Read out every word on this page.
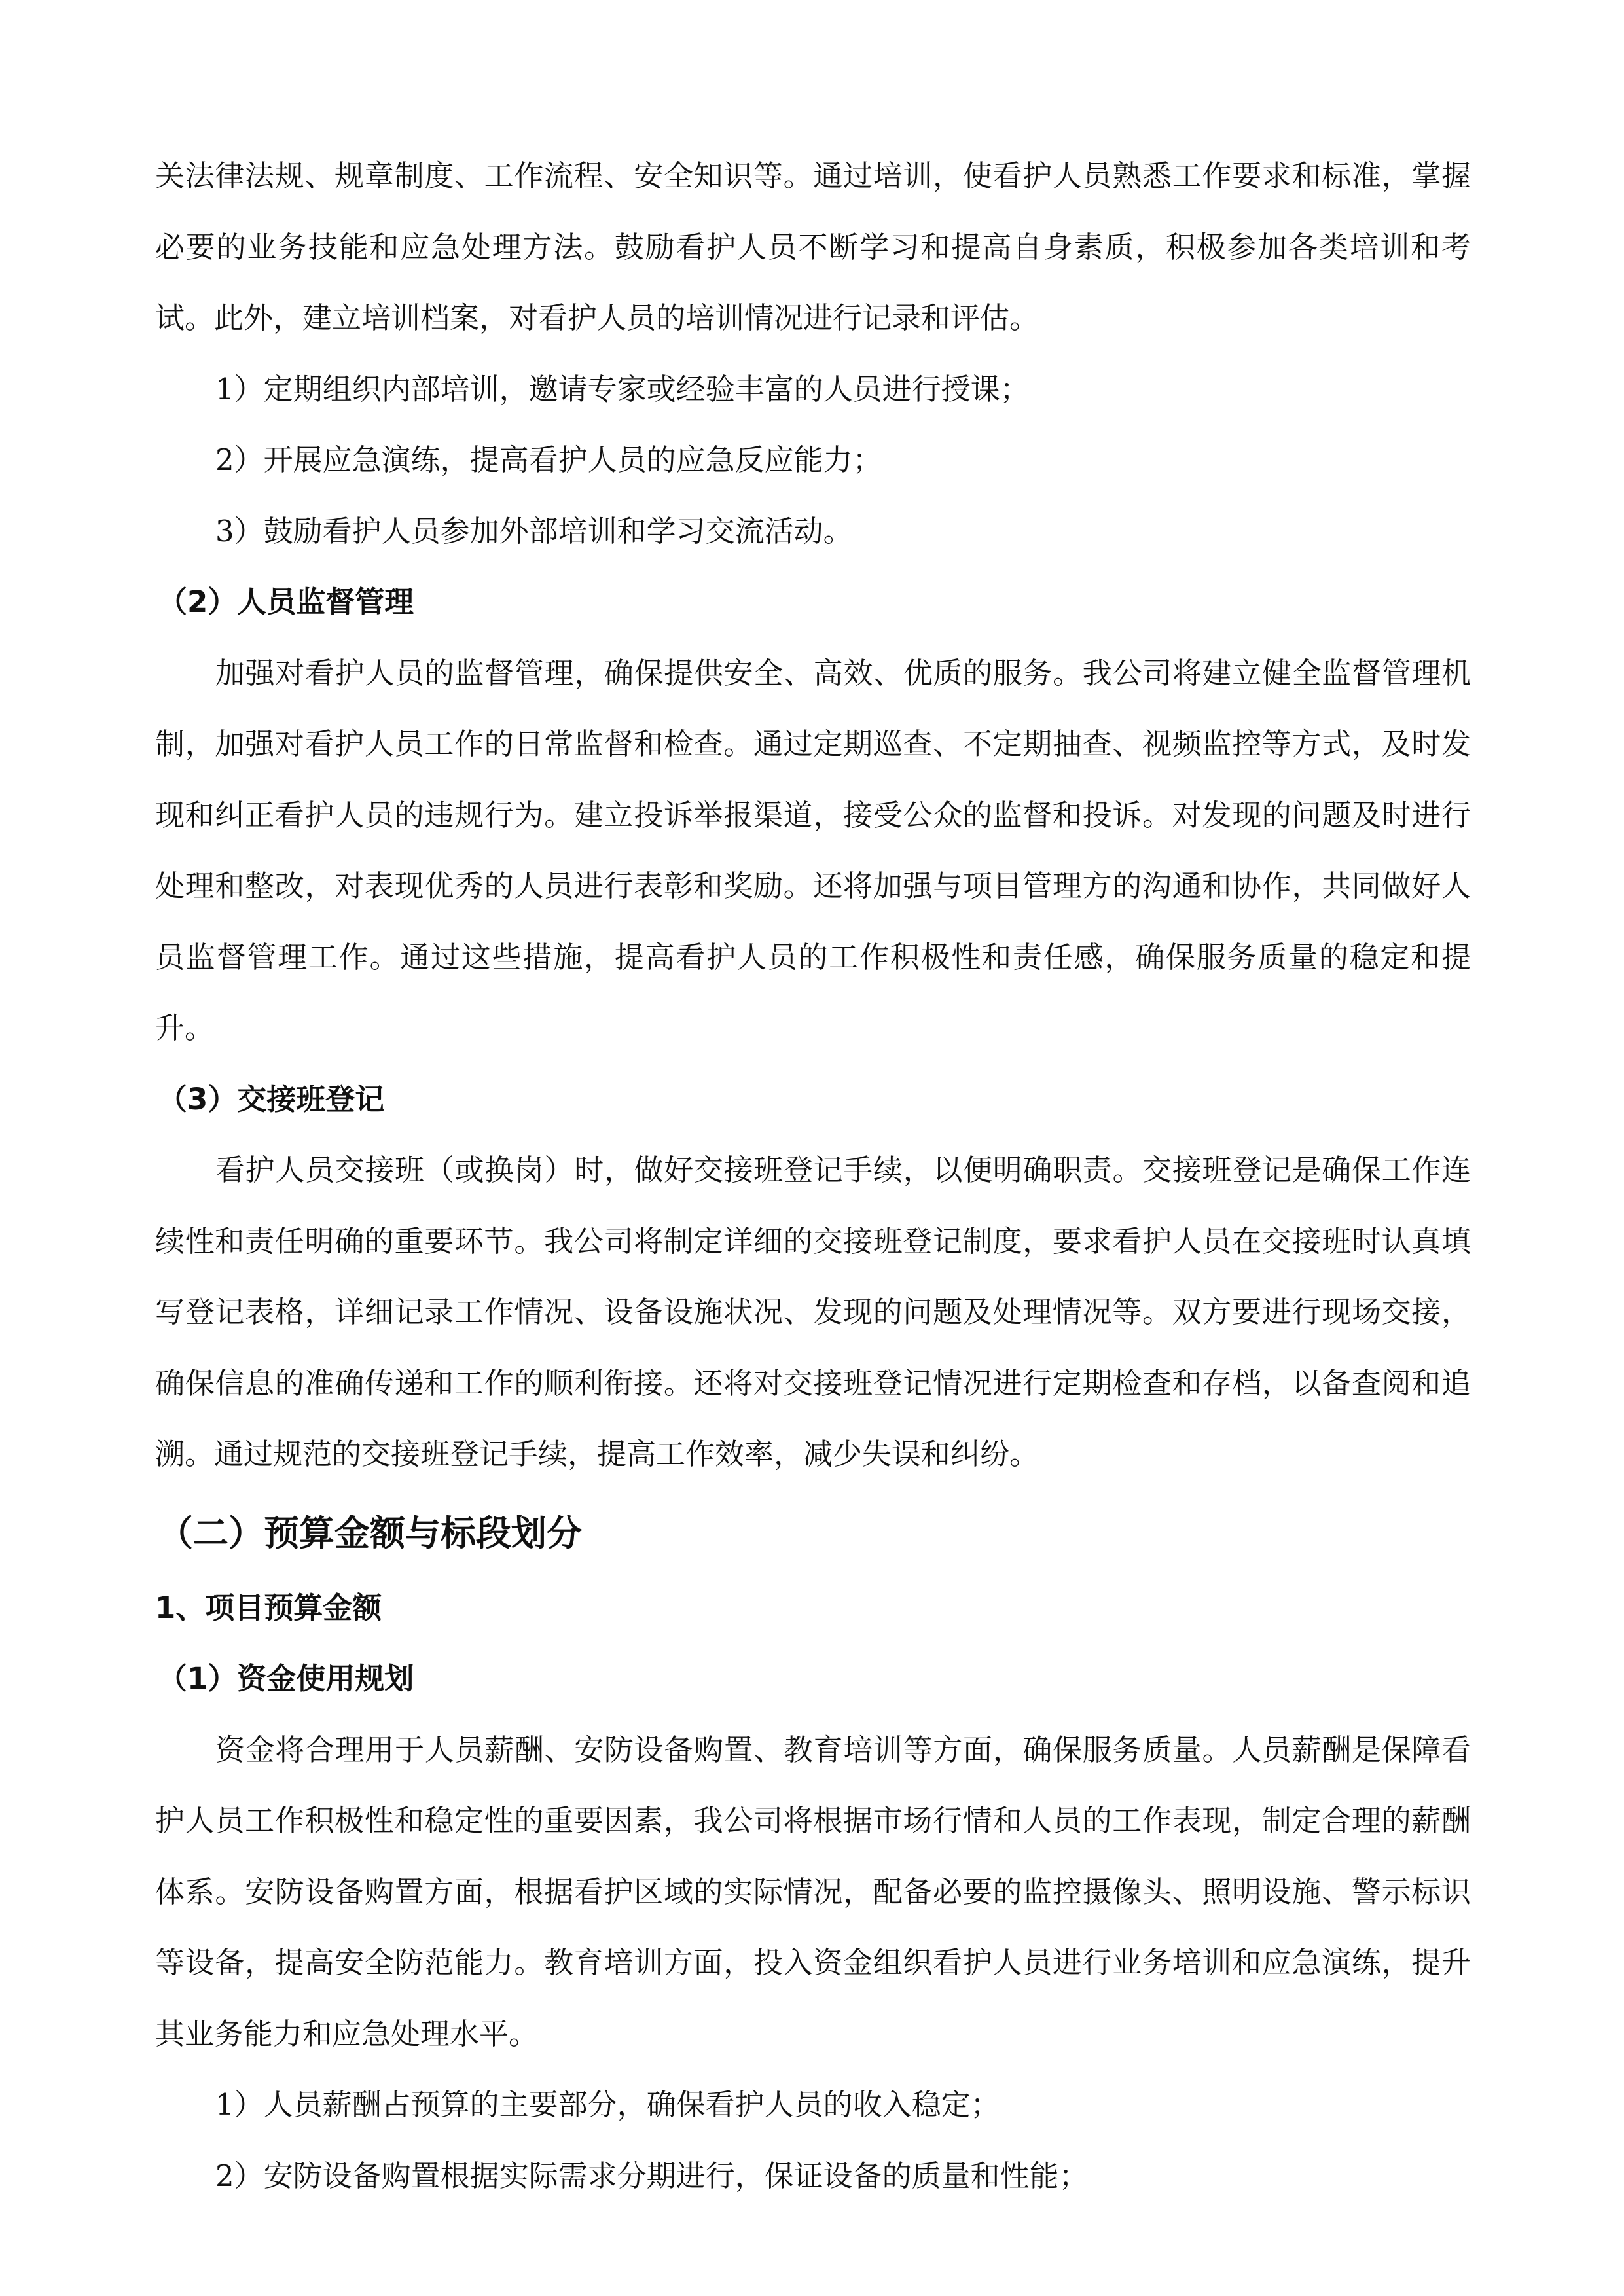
关法律法规、规章制度、工作流程、安全知识等。通过培训，使看护人员熟悉工作要求和标准，掌握必要的业务技能和应急处理方法。鼓励看护人员不断学习和提高自身素质，积极参加各类培训和考试。此外，建立培训档案，对看护人员的培训情况进行记录和评估。

1）定期组织内部培训，邀请专家或经验丰富的人员进行授课；

2）开展应急演练，提高看护人员的应急反应能力；

3）鼓励看护人员参加外部培训和学习交流活动。

（2）人员监督管理

加强对看护人员的监督管理，确保提供安全、高效、优质的服务。我公司将建立健全监督管理机制，加强对看护人员工作的日常监督和检查。通过定期巡查、不定期抽查、视频监控等方式，及时发现和纠正看护人员的违规行为。建立投诉举报渠道，接受公众的监督和投诉。对发现的问题及时进行处理和整改，对表现优秀的人员进行表彰和奖励。还将加强与项目管理方的沟通和协作，共同做好人员监督管理工作。通过这些措施，提高看护人员的工作积极性和责任感，确保服务质量的稳定和提升。

（3）交接班登记

看护人员交接班（或换岗）时，做好交接班登记手续，以便明确职责。交接班登记是确保工作连续性和责任明确的重要环节。我公司将制定详细的交接班登记制度，要求看护人员在交接班时认真填写登记表格，详细记录工作情况、设备设施状况、发现的问题及处理情况等。双方要进行现场交接，确保信息的准确传递和工作的顺利衔接。还将对交接班登记情况进行定期检查和存档，以备查阅和追溯。通过规范的交接班登记手续，提高工作效率，减少失误和纠纷。

（二）预算金额与标段划分
1、项目预算金额
（1）资金使用规划

资金将合理用于人员薪酬、安防设备购置、教育培训等方面，确保服务质量。人员薪酬是保障看护人员工作积极性和稳定性的重要因素，我公司将根据市场行情和人员的工作表现，制定合理的薪酬体系。安防设备购置方面，根据看护区域的实际情况，配备必要的监控摄像头、照明设施、警示标识等设备，提高安全防范能力。教育培训方面，投入资金组织看护人员进行业务培训和应急演练，提升其业务能力和应急处理水平。

1）人员薪酬占预算的主要部分，确保看护人员的收入稳定；

2）安防设备购置根据实际需求分期进行，保证设备的质量和性能；
